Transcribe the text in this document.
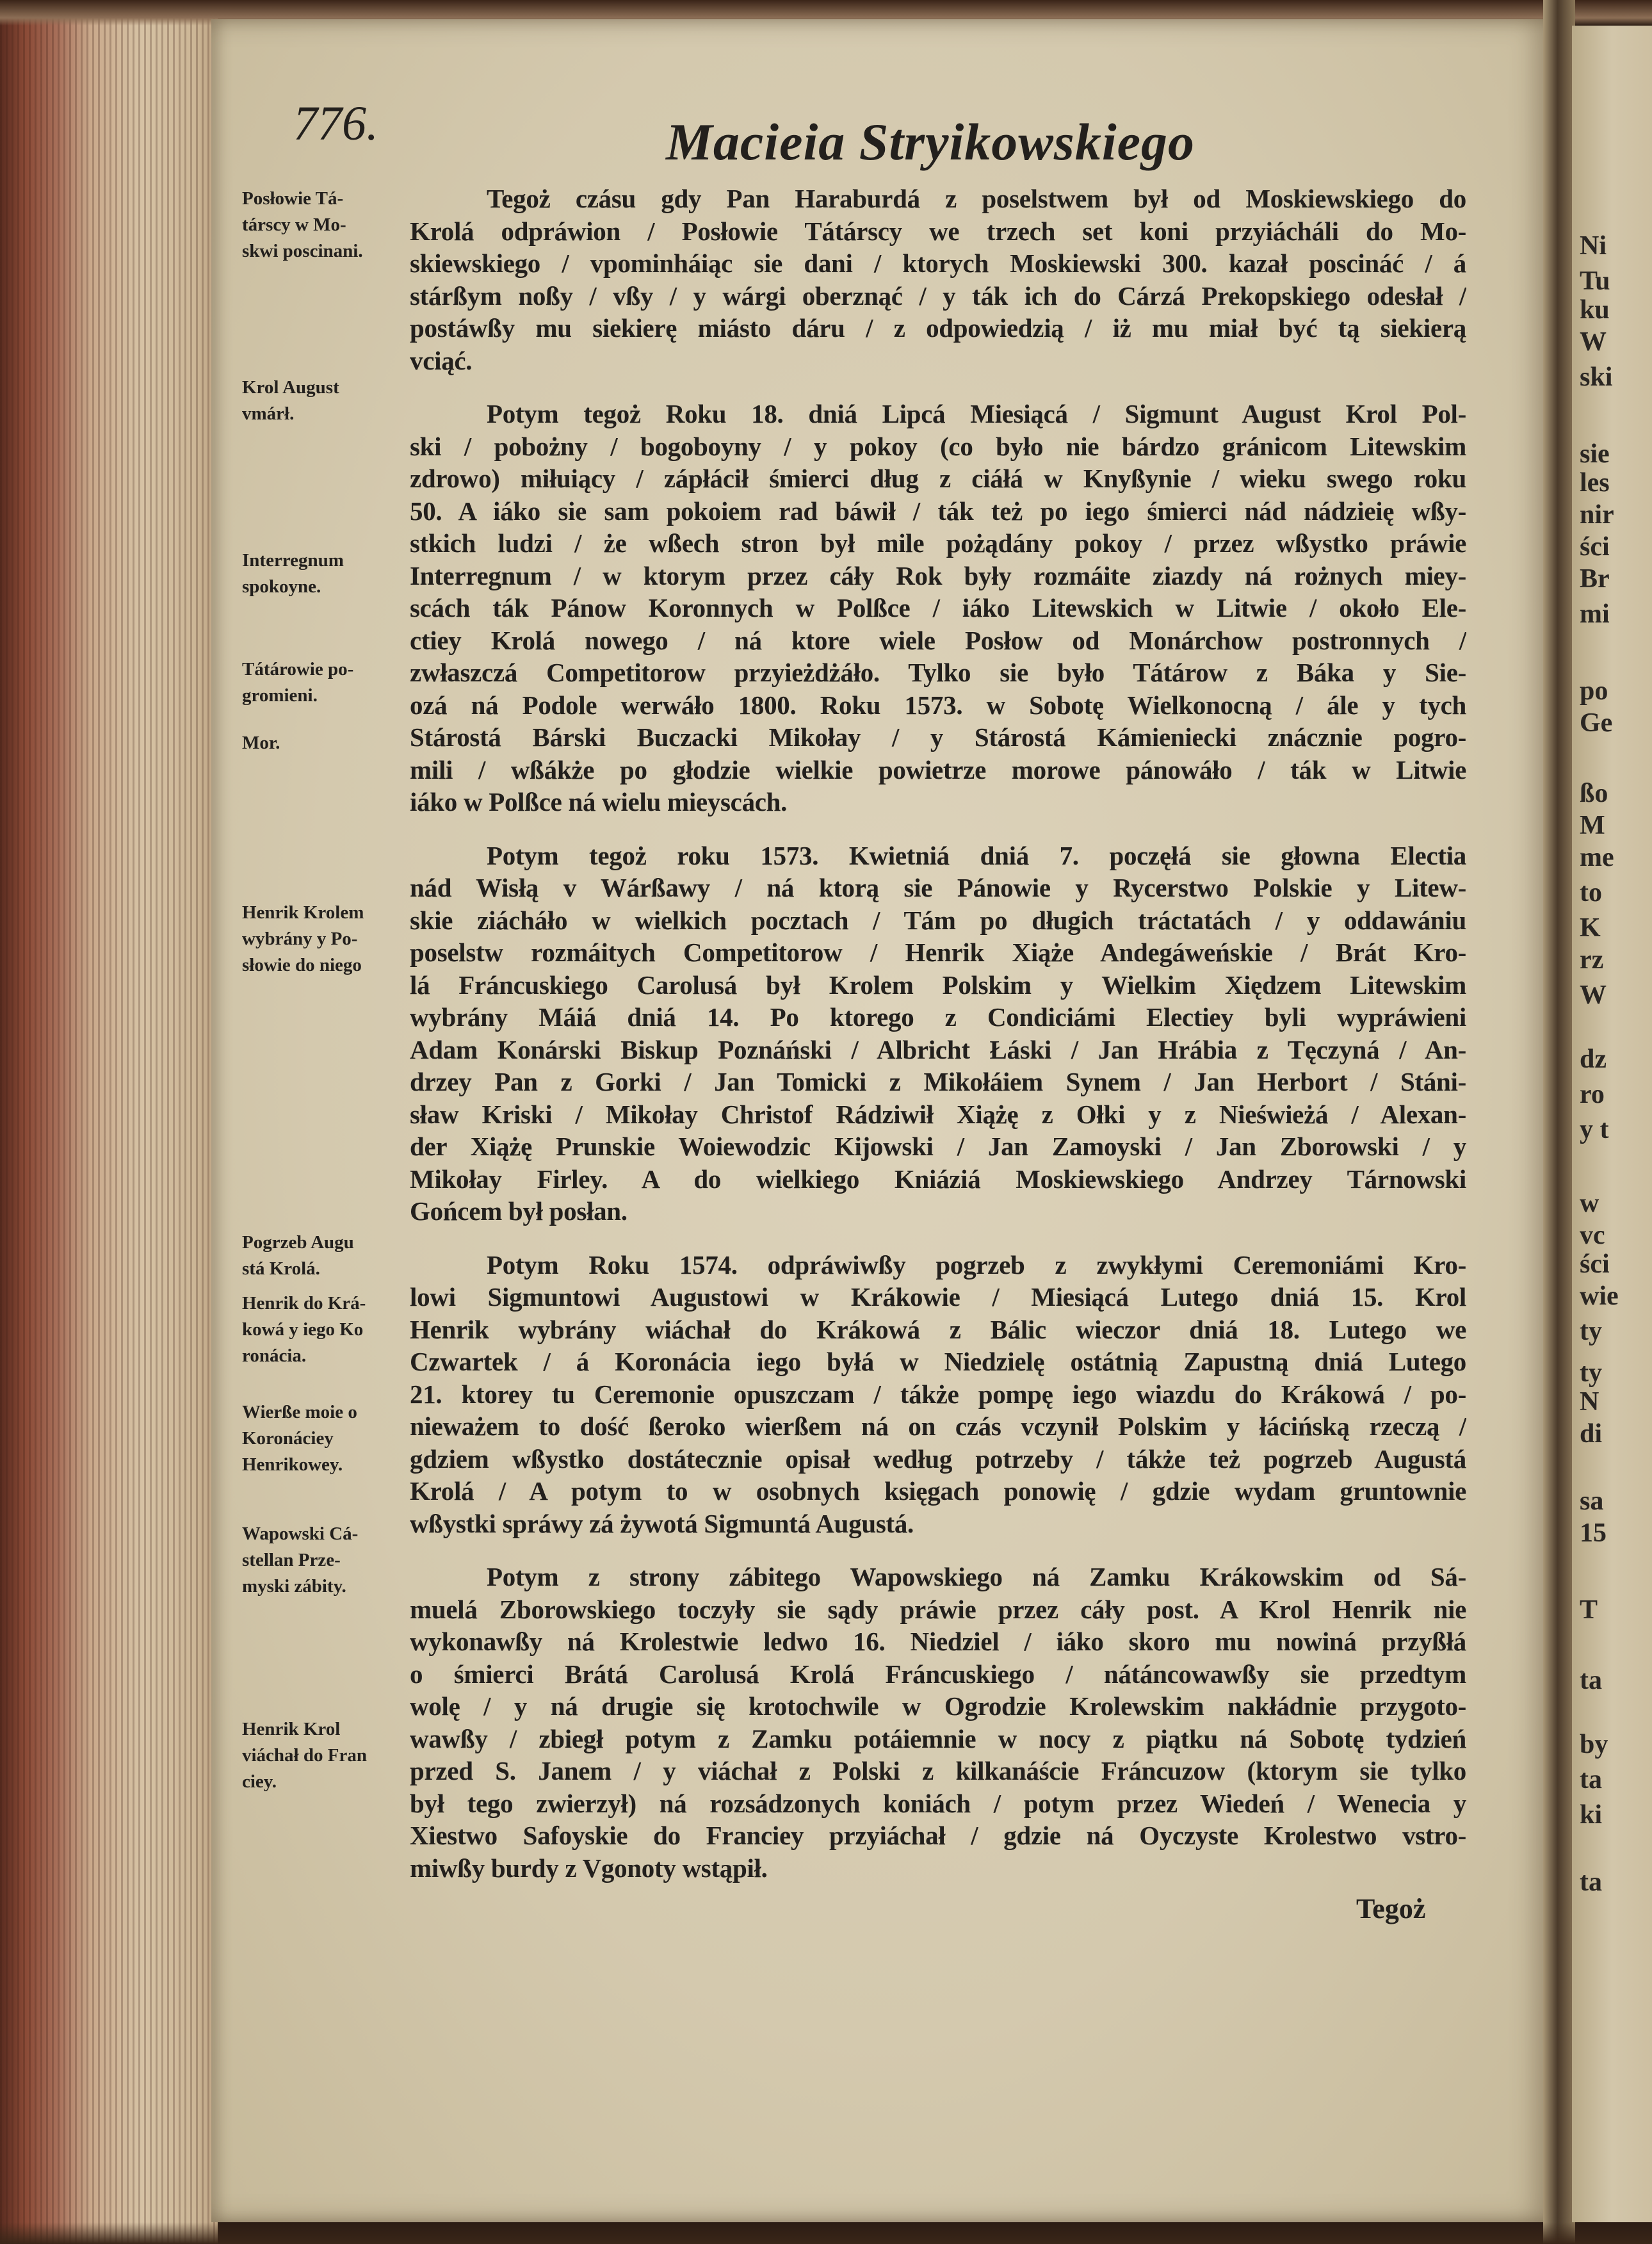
Ni
Tu
ku
W
ski
sie
les
nir
ści
Br
mi
po
Ge
ßo
M
me
to
K
rz
W
dz
ro
y t
w
vc
ści
wie
ty
ty
N
di
sa
15
T
ta
by
ta
ki
ta
776.	Macieia Stryikowskiego
Tegoż czásu gdy Pan Haraburdá z poselstwem był od Moskiewskiego do
Krolá odpráwion / Posłowie Tátárscy we trzech set koni przyiácháli do Mo-
skiewskiego / vpominháiąc sie dani / ktorych Moskiewski 300. kazał poscináć / á
stárßym noßy / vßy / y wárgi oberznąć / y ták ich do Cárzá Prekopskiego odesłał /
postáwßy mu siekierę miásto dáru / z odpowiedzią / iż mu miał być tą siekierą
vciąć.
Potym tegoż Roku 18. dniá Lipcá Miesiącá / Sigmunt August Krol Pol-
ski / pobożny / bogoboyny / y pokoy (co było nie bárdzo gránicom Litewskim
zdrowo) miłuiący / zápłácił śmierci dług z ciáłá w Knyßynie / wieku swego roku
50. A iáko sie sam pokoiem rad báwił / ták też po iego śmierci nád nádzieię wßy-
stkich ludzi / że wßech stron był mile pożądány pokoy / przez wßystko práwie
Interregnum / w ktorym przez cáły Rok były rozmáite ziazdy ná rożnych miey-
scách ták Pánow Koronnych w Polßce / iáko Litewskich w Litwie / około Ele-
ctiey Krolá nowego / ná ktore wiele Posłow od Monárchow postronnych /
zwłaszczá Competitorow przyieżdżáło. Tylko sie było Tátárow z Báka y Sie-
ozá ná Podole werwáło 1800. Roku 1573. w Sobotę Wielkonocną / ále y tych
Stárostá Bárski Buczacki Mikołay / y Stárostá Kámieniecki znácznie pogro-
mili / wßákże po głodzie wielkie powietrze morowe pánowáło / ták w Litwie
iáko w Polßce ná wielu mieyscách.
Potym tegoż roku 1573. Kwietniá dniá 7. poczęłá sie głowna Electia
nád Wisłą v Wárßawy / ná ktorą sie Pánowie y Rycerstwo Polskie y Litew-
skie ziácháło w wielkich pocztach / Tám po długich tráctatách / y oddawániu
poselstw rozmáitych Competitorow / Henrik Xiąże Andegáweńskie / Brát Kro-
lá Fráncuskiego Carolusá był Krolem Polskim y Wielkim Xiędzem Litewskim
wybrány Máiá dniá 14. Po ktorego z Condiciámi Electiey byli wypráwieni
Adam Konárski Biskup Poznáński / Albricht Łáski / Jan Hrábia z Tęczyná / An-
drzey Pan z Gorki / Jan Tomicki z Mikołáiem Synem / Jan Herbort / Stáni-
sław Kriski / Mikołay Christof Rádziwił Xiążę z Ołki y z Nieświeżá / Alexan-
der Xiążę Prunskie Woiewodzic Kijowski / Jan Zamoyski / Jan Zborowski / y
Mikołay Firley. A do wielkiego Kniáziá Moskiewskiego Andrzey Tárnowski
Gońcem był posłan.
Potym Roku 1574. odpráwiwßy pogrzeb z zwykłymi Ceremoniámi Kro-
lowi Sigmuntowi Augustowi w Krákowie / Miesiącá Lutego dniá 15. Krol
Henrik wybrány wiáchał do Krákowá z Bálic wieczor dniá 18. Lutego we
Czwartek / á Koronácia iego byłá w Niedzielę ostátnią Zapustną dniá Lutego
21. ktorey tu Ceremonie opuszczam / tákże pompę iego wiazdu do Krákowá / po-
nieważem to dość ßeroko wierßem ná on czás vczynił Polskim y łácińską rzeczą /
gdziem wßystko dostátecznie opisał według potrzeby / tákże też pogrzeb Augustá
Krolá / A potym to w osobnych księgach ponowię / gdzie wydam gruntownie
wßystki spráwy zá żywotá Sigmuntá Augustá.
Potym z strony zábitego Wapowskiego ná Zamku Krákowskim od Sá-
muelá Zborowskiego toczyły sie sądy práwie przez cáły post. A Krol Henrik nie
wykonawßy ná Krolestwie ledwo 16. Niedziel / iáko skoro mu nowiná przyßłá
o śmierci Brátá Carolusá Krolá Fráncuskiego / nátáncowawßy sie przedtym
wolę / y ná drugie się krotochwile w Ogrodzie Krolewskim nakłádnie przygoto-
wawßy / zbiegł potym z Zamku potáiemnie w nocy z piątku ná Sobotę tydzień
przed S. Janem / y viáchał z Polski z kilkanáście Fráncuzow (ktorym sie tylko
był tego zwierzył) ná rozsádzonych koniách / potym przez Wiedeń / Wenecia y
Xiestwo Safoyskie do Franciey przyiáchał / gdzie ná Oyczyste Krolestwo vstro-
miwßy burdy z Vgonoty wstąpił.
Posłowie Tá-
társcy w Mo-
skwi poscinani.
Krol August
vmárł.
Interregnum
spokoyne.
Tátárowie po-
gromieni.
Mor.
Henrik Krolem
wybrány y Po-
słowie do niego
Pogrzeb Augu
stá Krolá.
Henrik do Krá-
kowá y iego Ko
ronácia.
Wierße moie o
Koronáciey
Henrikowey.
Wapowski Cá-
stellan Prze-
myski zábity.
Henrik Krol
viáchał do Fran
ciey.
Tegoż
